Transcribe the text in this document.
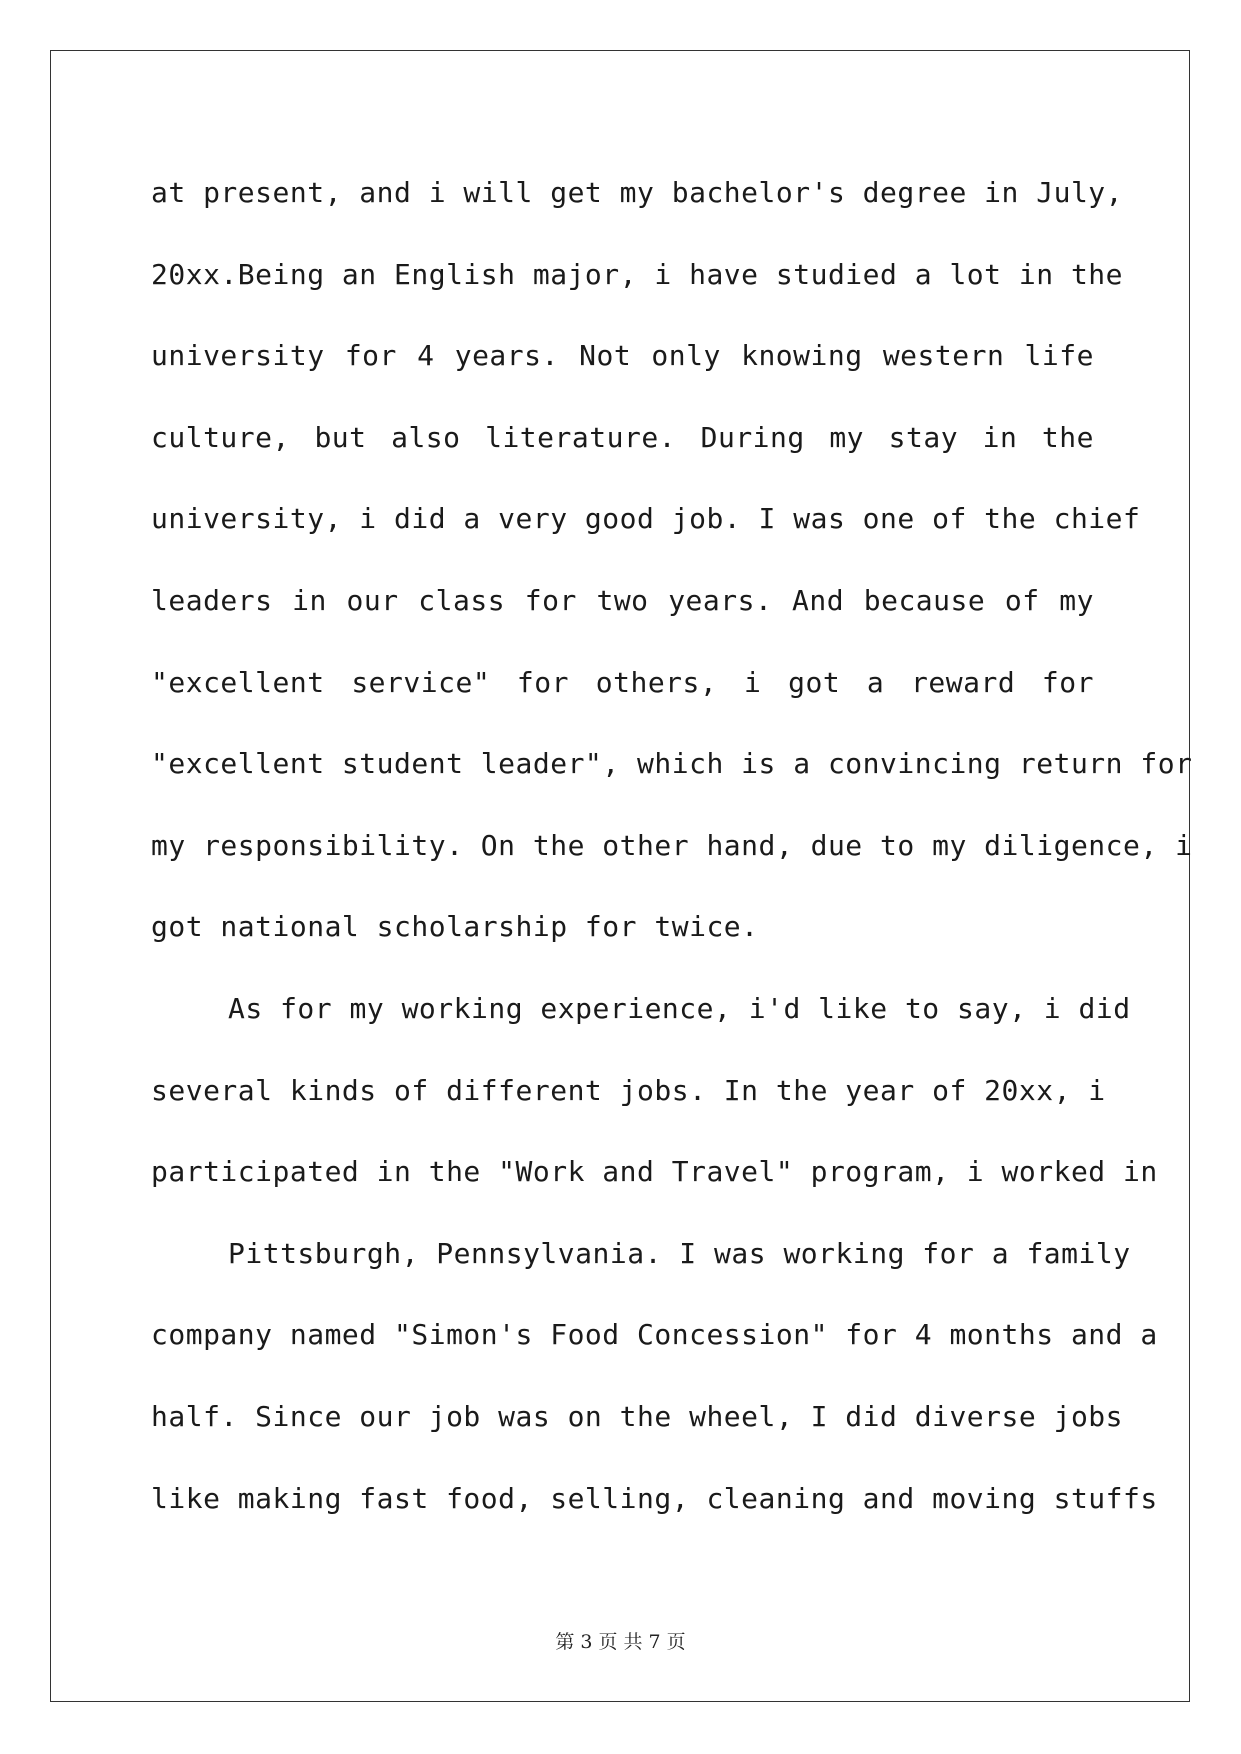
at present, and i will get my bachelor's degree in July,
20xx.Being an English major, i have studied a lot in the
university for 4 years. Not only knowing western life
culture, but also literature. During my stay in the
university, i did a very good job. I was one of the chief
leaders in our class for two years. And because of my
"excellent service" for others, i got a reward for
"excellent student leader", which is a convincing return for
my responsibility. On the other hand, due to my diligence, i
got national scholarship for twice.
As for my working experience, i'd like to say, i did
several kinds of different jobs. In the year of 20xx, i
participated in the "Work and Travel" program, i worked in
Pittsburgh, Pennsylvania. I was working for a family
company named "Simon's Food Concession" for 4 months and a
half. Since our job was on the wheel, I did diverse jobs
like making fast food, selling, cleaning and moving stuffs
第 3 页 共 7 页
